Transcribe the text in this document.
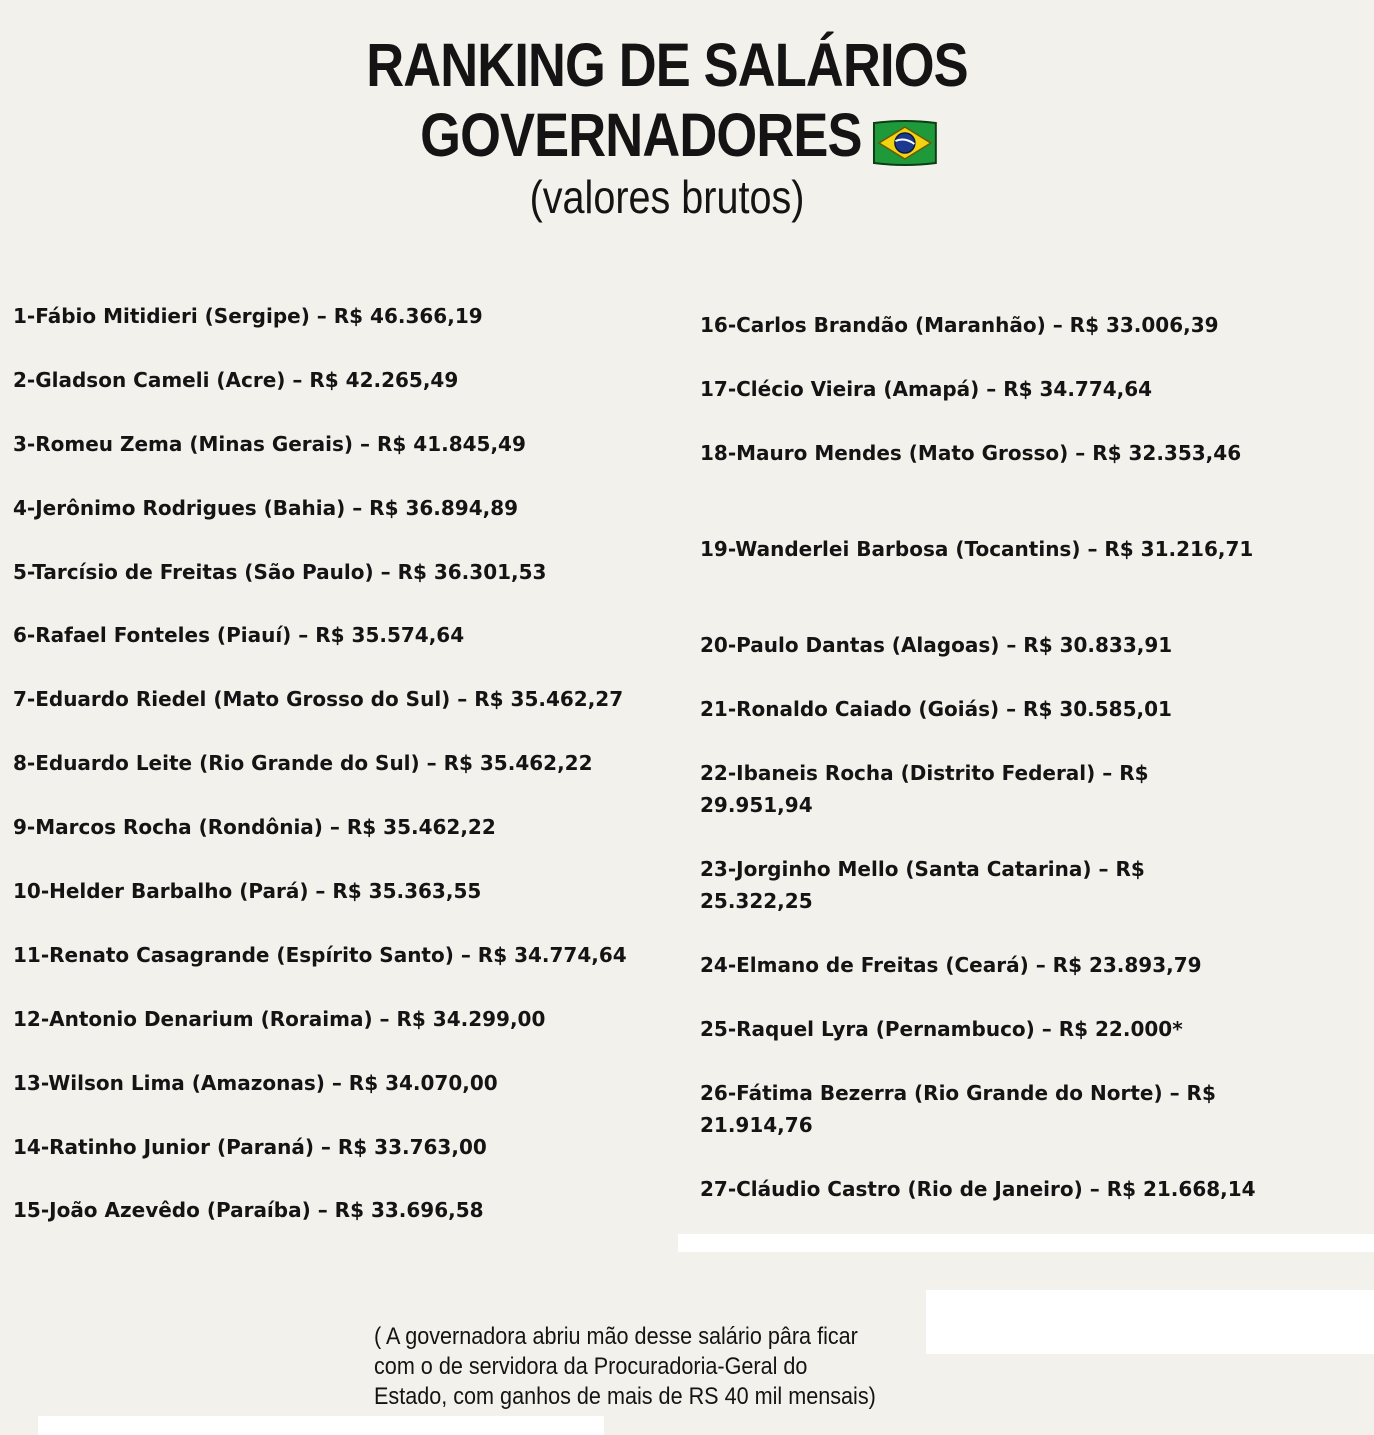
RANKING DE SALÁRIOS
GOVERNADORES
(valores brutos)

1-Fábio Mitidieri (Sergipe) – R$ 46.366,19

2-Gladson Cameli (Acre) – R$ 42.265,49

3-Romeu Zema (Minas Gerais) – R$ 41.845,49

4-Jerônimo Rodrigues (Bahia) – R$ 36.894,89

5-Tarcísio de Freitas (São Paulo) – R$ 36.301,53

6-Rafael Fonteles (Piauí) – R$ 35.574,64

7-Eduardo Riedel (Mato Grosso do Sul) – R$ 35.462,27

8-Eduardo Leite (Rio Grande do Sul) – R$ 35.462,22

9-Marcos Rocha (Rondônia) – R$ 35.462,22

10-Helder Barbalho (Pará) – R$ 35.363,55

11-Renato Casagrande (Espírito Santo) – R$ 34.774,64

12-Antonio Denarium (Roraima) – R$ 34.299,00

13-Wilson Lima (Amazonas) – R$ 34.070,00

14-Ratinho Junior (Paraná) – R$ 33.763,00

15-João Azevêdo (Paraíba) – R$ 33.696,58

16-Carlos Brandão (Maranhão) – R$ 33.006,39

17-Clécio Vieira (Amapá) – R$ 34.774,64

18-Mauro Mendes (Mato Grosso) – R$ 32.353,46

19-Wanderlei Barbosa (Tocantins) – R$ 31.216,71

20-Paulo Dantas (Alagoas) – R$ 30.833,91

21-Ronaldo Caiado (Goiás) – R$ 30.585,01

22-Ibaneis Rocha (Distrito Federal) – R$ 29.951,94

23-Jorginho Mello (Santa Catarina) – R$ 25.322,25

24-Elmano de Freitas (Ceará) – R$ 23.893,79

25-Raquel Lyra (Pernambuco) – R$ 22.000*

26-Fátima Bezerra (Rio Grande do Norte) – R$ 21.914,76

27-Cláudio Castro (Rio de Janeiro) – R$ 21.668,14

( A governadora abriu mão desse salário pâra ficar com o de servidora da Procuradoria-Geral do Estado, com ganhos de mais de RS 40 mil mensais)
